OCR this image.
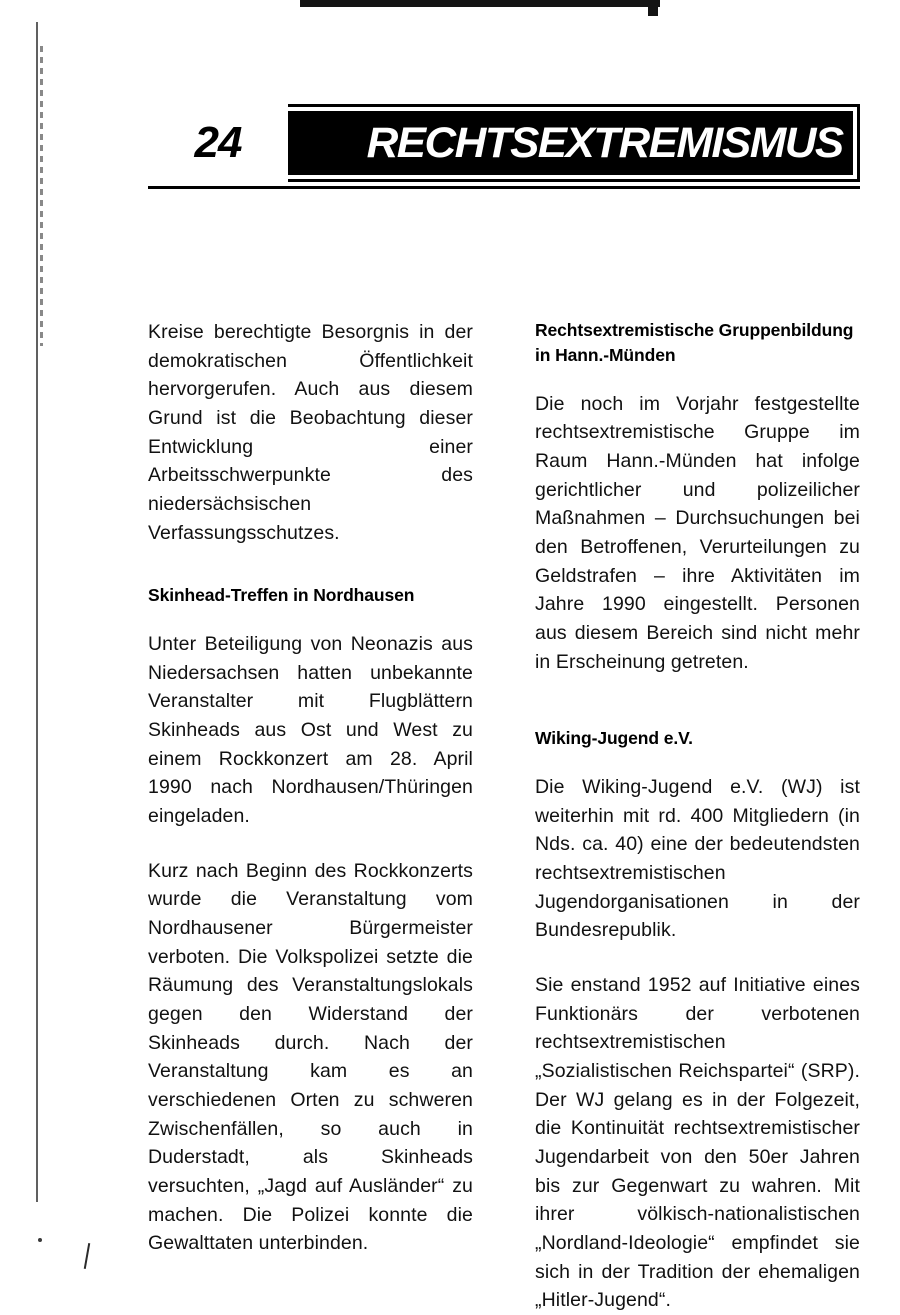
24	RECHTSEXTREMISMUS

Kreise berechtigte Besorgnis in der demokratischen Öffentlichkeit hervorgerufen. Auch aus diesem Grund ist die Beobachtung dieser Entwicklung einer Arbeitsschwerpunkte des niedersächsischen Verfassungsschutzes.

Skinhead-Treffen in Nordhausen

Unter Beteiligung von Neonazis aus Niedersachsen hatten unbekannte Veranstalter mit Flugblättern Skinheads aus Ost und West zu einem Rockkonzert am 28. April 1990 nach Nordhausen/Thüringen eingeladen.

Kurz nach Beginn des Rockkonzerts wurde die Veranstaltung vom Nordhausener Bürgermeister verboten. Die Volkspolizei setzte die Räumung des Veranstaltungslokals gegen den Widerstand der Skinheads durch. Nach der Veranstaltung kam es an verschiedenen Orten zu schweren Zwischenfällen, so auch in Duderstadt, als Skinheads versuchten, „Jagd auf Ausländer“ zu machen. Die Polizei konnte die Gewalttaten unterbinden.

Rechtsextremistische Gruppenbildung in Hann.-Münden

Die noch im Vorjahr festgestellte rechtsextremistische Gruppe im Raum Hann.-Münden hat infolge gerichtlicher und polizeilicher Maßnahmen – Durchsuchungen bei den Betroffenen, Verurteilungen zu Geldstrafen – ihre Aktivitäten im Jahre 1990 eingestellt. Personen aus diesem Bereich sind nicht mehr in Erscheinung getreten.

Wiking-Jugend e.V.

Die Wiking-Jugend e.V. (WJ) ist weiterhin mit rd. 400 Mitgliedern (in Nds. ca. 40) eine der bedeutendsten rechtsextremistischen Jugendorganisationen in der Bundesrepublik.

Sie enstand 1952 auf Initiative eines Funktionärs der verbotenen rechtsextremistischen „Sozialistischen Reichspartei“ (SRP). Der WJ gelang es in der Folgezeit, die Kontinuität rechtsextremistischer Jugendarbeit von den 50er Jahren bis zur Gegenwart zu wahren. Mit ihrer völkisch-nationalistischen „Nordland-Ideologie“ empfindet sie sich in der Tradition der ehemaligen „Hitler-Jugend“.
